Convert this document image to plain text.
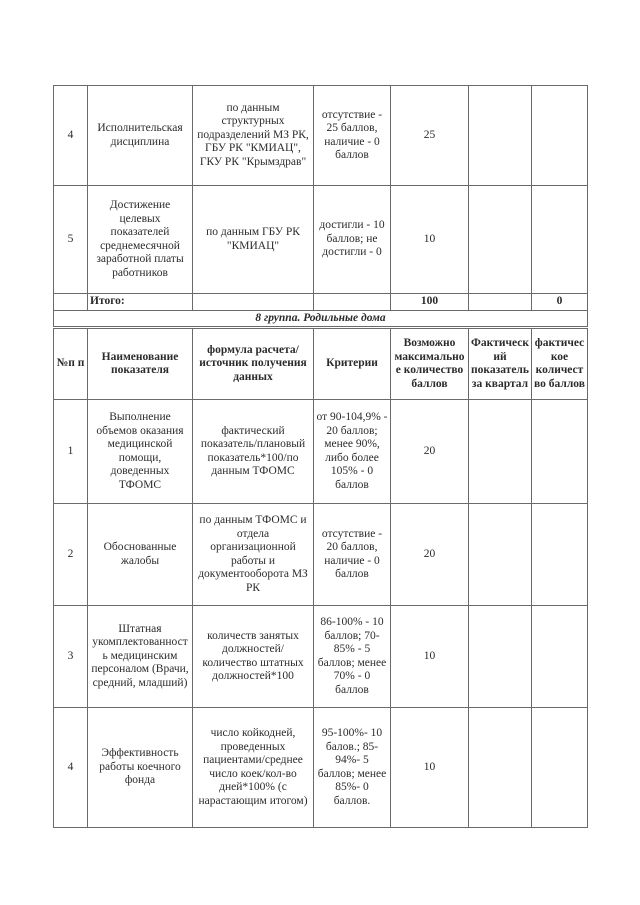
4	Исполнительская дисциплина	по данным структурных подразделений МЗ РК, ГБУ РК "КМИАЦ", ГКУ РК "Крымздрав"	отсутствие - 25 баллов, наличие - 0 баллов	25		
5	Достижение целевых показателей среднемесячной заработной платы работников	по данным ГБУ РК "КМИАЦ"	достигли - 10 баллов; не достигли - 0	10		
	Итого:			100		0
8 группа. Родильные дома						
№п п	Наименование показателя	формула расчета/источник получения данных	Критерии	Возможно максимальное количество баллов	Фактический показатель за квартал	фактическое количество баллов
1	Выполнение объемов оказания медицинской помощи, доведенных ТФОМС	фактический показатель/плановый показатель*100/по данным ТФОМС	от 90-104,9% - 20 баллов; менее 90%, либо более 105% - 0 баллов	20		
2	Обоснованные жалобы	по данным ТФОМС и отдела организационной работы и документооборота МЗ РК	отсутствие - 20 баллов, наличие - 0 баллов	20		
3	Штатная укомплектованность медицинским персоналом (Врачи, средний, младший)	количеств занятых должностей/количество штатных должностей*100	86-100% - 10 баллов; 70-85% - 5 баллов; менее 70% - 0 баллов	10		
4	Эффективность работы коечного фонда	число койкодней, проведенных пациентами/среднее число коек/кол-во дней*100% (с нарастающим итогом)	95-100%- 10 балов.; 85-94%- 5 баллов; менее 85%- 0 баллов.	10		
